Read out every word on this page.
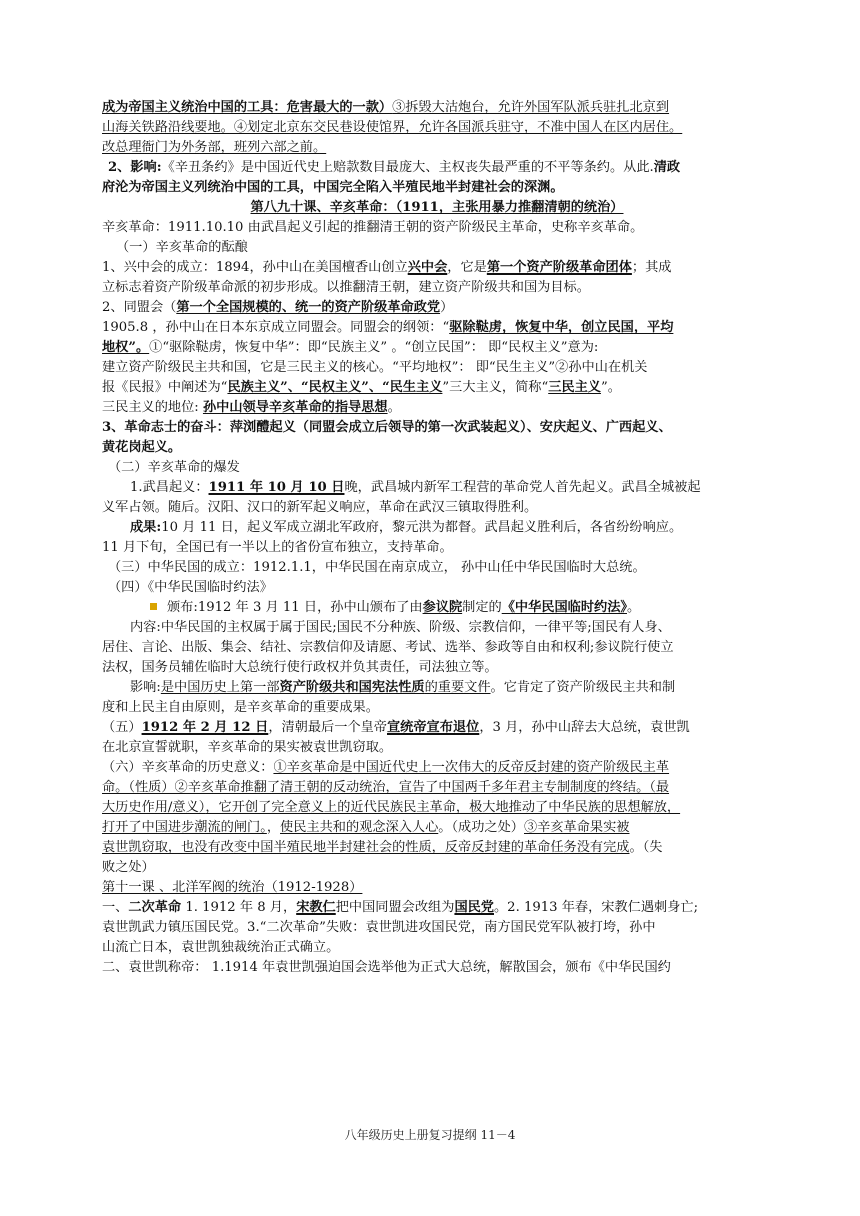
成为帝国主义统治中国的工具：危害最大的一款）③拆毁大沽炮台，允许外国军队派兵驻扎北京到
山海关铁路沿线要地。④划定北京东交民巷设使馆界，允许各国派兵驻守，不准中国人在区内居住。
改总理衙门为外务部，班列六部之前。
2、影响:《辛丑条约》是中国近代史上赔款数目最庞大、主权丧失最严重的不平等条约。从此.清政
府沦为帝国主义列统治中国的工具，中国完全陷入半殖民地半封建社会的深渊。
第八九十课、辛亥革命：（1911，主张用暴力推翻清朝的统治）
辛亥革命：1911.10.10 由武昌起义引起的推翻清王朝的资产阶级民主革命，史称辛亥革命。
（一）辛亥革命的酝酿
1、兴中会的成立：1894，孙中山在美国檀香山创立兴中会，它是第一个资产阶级革命团体；其成
立标志着资产阶级革命派的初步形成。以推翻清王朝，建立资产阶级共和国为目标。
2、同盟会（第一个全国规模的、统一的资产阶级革命政党）
1905.8 ，孙中山在日本东京成立同盟会。同盟会的纲领：“驱除鞑虏，恢复中华，创立民国，平均
地权”。①“驱除鞑虏，恢复中华”：即“民族主义” 。“创立民国”： 即“民权主义”意为:
建立资产阶级民主共和国，它是三民主义的核心。“平均地权”： 即“民生主义”②孙中山在机关
报《民报》中阐述为“民族主义”、“民权主义”、“民生主义”三大主义，简称“三民主义”。
三民主义的地位: 孙中山领导辛亥革命的指导思想。
3、革命志士的奋斗：萍浏醴起义（同盟会成立后领导的第一次武装起义）、安庆起义、广西起义、
黄花岗起义。
（二）辛亥革命的爆发
1.武昌起义：1911 年 10 月 10 日晚，武昌城内新军工程营的革命党人首先起义。武昌全城被起
义军占领。随后。汉阳、汉口的新军起义响应，革命在武汉三镇取得胜利。
成果:10 月 11 日，起义军成立湖北军政府，黎元洪为都督。武昌起义胜利后，各省纷纷响应。
11 月下旬，全国已有一半以上的省份宣布独立，支持革命。
（三）中华民国的成立：1912.1.1，中华民国在南京成立， 孙中山任中华民国临时大总统。
（四）《中华民国临时约法》
颁布:1912 年 3 月 11 日，孙中山颁布了由参议院制定的《中华民国临时约法》。
内容:中华民国的主权属于属于国民;国民不分种族、阶级、宗教信仰，一律平等;国民有人身、
居住、言论、出版、集会、结社、宗教信仰及请愿、考试、选举、参政等自由和权利;参议院行使立
法权，国务员辅佐临时大总统行使行政权并负其责任，司法独立等。
影响:是中国历史上第一部资产阶级共和国宪法性质的重要文件。它肯定了资产阶级民主共和制
度和上民主自由原则，是辛亥革命的重要成果。
（五）1912 年 2 月 12 日，清朝最后一个皇帝宣统帝宣布退位，3 月，孙中山辞去大总统，袁世凯
在北京宣誓就职，辛亥革命的果实被袁世凯窃取。
（六）辛亥革命的历史意义：①辛亥革命是中国近代史上一次伟大的反帝反封建的资产阶级民主革
命。（性质）②辛亥革命推翻了清王朝的反动统治，宣告了中国两千多年君主专制制度的终结。（最
大历史作用/意义），它开创了完全意义上的近代民族民主革命，极大地推动了中华民族的思想解放，
打开了中国进步潮流的闸门。，使民主共和的观念深入人心。（成功之处）③辛亥革命果实被
袁世凯窃取，也没有改变中国半殖民地半封建社会的性质，反帝反封建的革命任务没有完成。（失
败之处）
第十一课 、北洋军阀的统治（1912-1928）
一、二次革命 1. 1912 年 8 月，宋教仁把中国同盟会改组为国民党。2. 1913 年春，宋教仁遇刺身亡;
袁世凯武力镇压国民党。3.“二次革命”失败：袁世凯进攻国民党，南方国民党军队被打垮，孙中
山流亡日本，袁世凯独裁统治正式确立。
二、袁世凯称帝： 1.1914 年袁世凯强迫国会选举他为正式大总统，解散国会，颁布《中华民国约
八年级历史上册复习提纲 11－4
